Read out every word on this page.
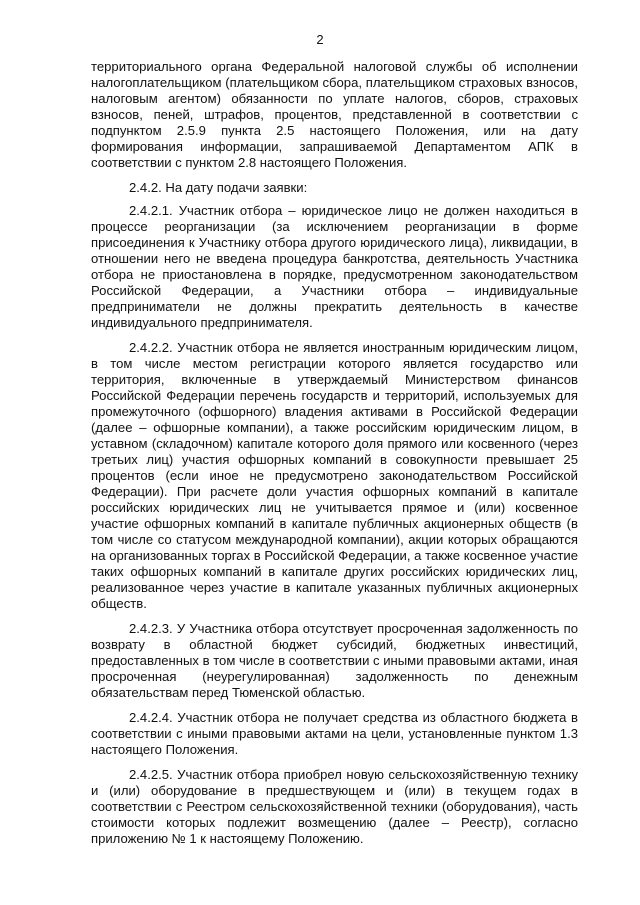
2

территориального органа Федеральной налоговой службы об исполнении налогоплательщиком (плательщиком сбора, плательщиком страховых взносов, налоговым агентом) обязанности по уплате налогов, сборов, страховых взносов, пеней, штрафов, процентов, представленной в соответствии с подпунктом 2.5.9 пункта 2.5 настоящего Положения, или на дату формирования информации, запрашиваемой Департаментом АПК в соответствии с пунктом 2.8 настоящего Положения.

2.4.2. На дату подачи заявки:

2.4.2.1. Участник отбора – юридическое лицо не должен находиться в процессе реорганизации (за исключением реорганизации в форме присоединения к Участнику отбора другого юридического лица), ликвидации, в отношении него не введена процедура банкротства, деятельность Участника отбора не приостановлена в порядке, предусмотренном законодательством Российской Федерации, а Участники отбора – индивидуальные предприниматели не должны прекратить деятельность в качестве индивидуального предпринимателя.

2.4.2.2. Участник отбора не является иностранным юридическим лицом, в том числе местом регистрации которого является государство или территория, включенные в утверждаемый Министерством финансов Российской Федерации перечень государств и территорий, используемых для промежуточного (офшорного) владения активами в Российской Федерации (далее – офшорные компании), а также российским юридическим лицом, в уставном (складочном) капитале которого доля прямого или косвенного (через третьих лиц) участия офшорных компаний в совокупности превышает 25 процентов (если иное не предусмотрено законодательством Российской Федерации). При расчете доли участия офшорных компаний в капитале российских юридических лиц не учитывается прямое и (или) косвенное участие офшорных компаний в капитале публичных акционерных обществ (в том числе со статусом международной компании), акции которых обращаются на организованных торгах в Российской Федерации, а также косвенное участие таких офшорных компаний в капитале других российских юридических лиц, реализованное через участие в капитале указанных публичных акционерных обществ.

2.4.2.3. У Участника отбора отсутствует просроченная задолженность по возврату в областной бюджет субсидий, бюджетных инвестиций, предоставленных в том числе в соответствии с иными правовыми актами, иная просроченная (неурегулированная) задолженность по денежным обязательствам перед Тюменской областью.

2.4.2.4. Участник отбора не получает средства из областного бюджета в соответствии с иными правовыми актами на цели, установленные пунктом 1.3 настоящего Положения.

2.4.2.5. Участник отбора приобрел новую сельскохозяйственную технику и (или) оборудование в предшествующем и (или) в текущем годах в соответствии с Реестром сельскохозяйственной техники (оборудования), часть стоимости которых подлежит возмещению (далее – Реестр), согласно приложению № 1 к настоящему Положению.
